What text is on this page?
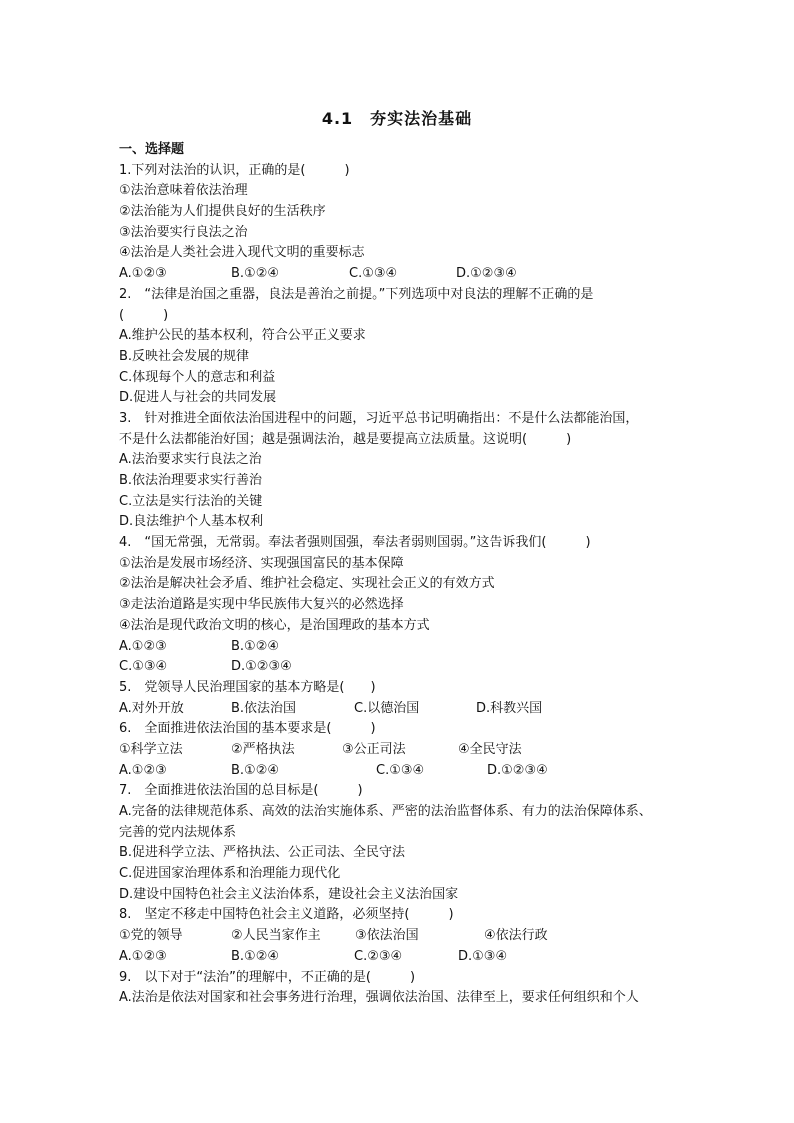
4.1　夯实法治基础
一、选择题
1.下列对法治的认识，正确的是(　　　)
①法治意味着依法治理
②法治能为人们提供良好的生活秩序
③法治要实行良法之治
④法治是人类社会进入现代文明的重要标志
A.①②③	B.①②④	C.①③④	D.①②③④
2.　“法律是治国之重器，良法是善治之前提。”下列选项中对良法的理解不正确的是
(　　　)
A.维护公民的基本权利，符合公平正义要求
B.反映社会发展的规律
C.体现每个人的意志和利益
D.促进人与社会的共同发展
3.　针对推进全面依法治国进程中的问题，习近平总书记明确指出：不是什么法都能治国，
不是什么法都能治好国；越是强调法治，越是要提高立法质量。这说明(　　　)
A.法治要求实行良法之治
B.依法治理要求实行善治
C.立法是实行法治的关键
D.良法维护个人基本权利
4.　“国无常强，无常弱。奉法者强则国强，奉法者弱则国弱。”这告诉我们(　　　)
①法治是发展市场经济、实现强国富民的基本保障
②法治是解决社会矛盾、维护社会稳定、实现社会正义的有效方式
③走法治道路是实现中华民族伟大复兴的必然选择
④法治是现代政治文明的核心，是治国理政的基本方式
A.①②③	B.①②④
C.①③④	D.①②③④
5.　党领导人民治理国家的基本方略是(　　)
A.对外开放	B.依法治国	C.以德治国	D.科教兴国
6.　全面推进依法治国的基本要求是(　　　)
①科学立法	②严格执法	③公正司法	④全民守法
A.①②③	B.①②④	C.①③④	D.①②③④
7.　全面推进依法治国的总目标是(　　　)
A.完备的法律规范体系、高效的法治实施体系、严密的法治监督体系、有力的法治保障体系、
完善的党内法规体系
B.促进科学立法、严格执法、公正司法、全民守法
C.促进国家治理体系和治理能力现代化
D.建设中国特色社会主义法治体系，建设社会主义法治国家
8.　坚定不移走中国特色社会主义道路，必须坚持(　　　)
①党的领导	②人民当家作主	③依法治国	④依法行政
A.①②③	B.①②④	C.②③④	D.①③④
9.　以下对于“法治”的理解中，不正确的是(　　　)
A.法治是依法对国家和社会事务进行治理，强调依法治国、法律至上，要求任何组织和个人
